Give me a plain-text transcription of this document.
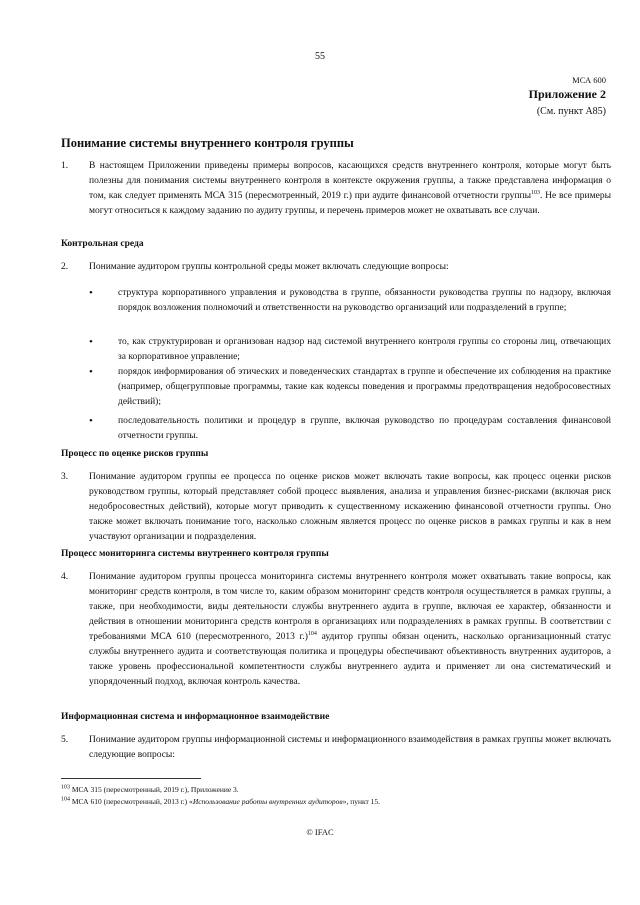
55
МСА 600
Приложение 2
(См. пункт А85)
Понимание системы внутреннего контроля группы
1. В настоящем Приложении приведены примеры вопросов, касающихся средств внутреннего контроля, которые могут быть полезны для понимания системы внутреннего контроля в контексте окружения группы, а также представлена информация о том, как следует применять МСА 315 (пересмотренный, 2019 г.) при аудите финансовой отчетности группы$^{103}$. Не все примеры могут относиться к каждому заданию по аудиту группы, и перечень примеров может не охватывать все случаи.
Контрольная среда
2. Понимание аудитором группы контрольной среды может включать следующие вопросы:
•	структура корпоративного управления и руководства в группе, обязанности руководства группы по надзору, включая порядок возложения полномочий и ответственности на руководство организаций или подразделений в группе;
•	то, как структурирован и организован надзор над системой внутреннего контроля группы со стороны лиц, отвечающих за корпоративное управление;
•	порядок информирования об этических и поведенческих стандартах в группе и обеспечение их соблюдения на практике (например, общегрупповые программы, такие как кодексы поведения и программы предотвращения недобросовестных действий);
•	последовательность политики и процедур в группе, включая руководство по процедурам составления финансовой отчетности группы.
Процесс по оценке рисков группы
3. Понимание аудитором группы ее процесса по оценке рисков может включать такие вопросы, как процесс оценки рисков руководством группы, который представляет собой процесс выявления, анализа и управления бизнес-рисками (включая риск недобросовестных действий), которые могут приводить к существенному искажению финансовой отчетности группы. Оно также может включать понимание того, насколько сложным является процесс по оценке рисков в рамках группы и как в нем участвуют организации и подразделения.
Процесс мониторинга системы внутреннего контроля группы
4. Понимание аудитором группы процесса мониторинга системы внутреннего контроля может охватывать такие вопросы, как мониторинг средств контроля, в том числе то, каким образом мониторинг средств контроля осуществляется в рамках группы, а также, при необходимости, виды деятельности службы внутреннего аудита в группе, включая ее характер, обязанности и действия в отношении мониторинга средств контроля в организациях или подразделениях в рамках группы. В соответствии с требованиями МСА 610 (пересмотренного, 2013 г.)$^{104}$ аудитор группы обязан оценить, насколько организационный статус службы внутреннего аудита и соответствующая политика и процедуры обеспечивают объективность внутренних аудиторов, а также уровень профессиональной компетентности службы внутреннего аудита и применяет ли она систематический и упорядоченный подход, включая контроль качества.
Информационная система и информационное взаимодействие
5. Понимание аудитором группы информационной системы и информационного взаимодействия в рамках группы может включать следующие вопросы:
$^{103}$ МСА 315 (пересмотренный, 2019 г.), Приложение 3.
$^{104}$ МСА 610 (пересмотренный, 2013 г.) «Использование работы внутренних аудиторов», пункт 15.
© IFAC
